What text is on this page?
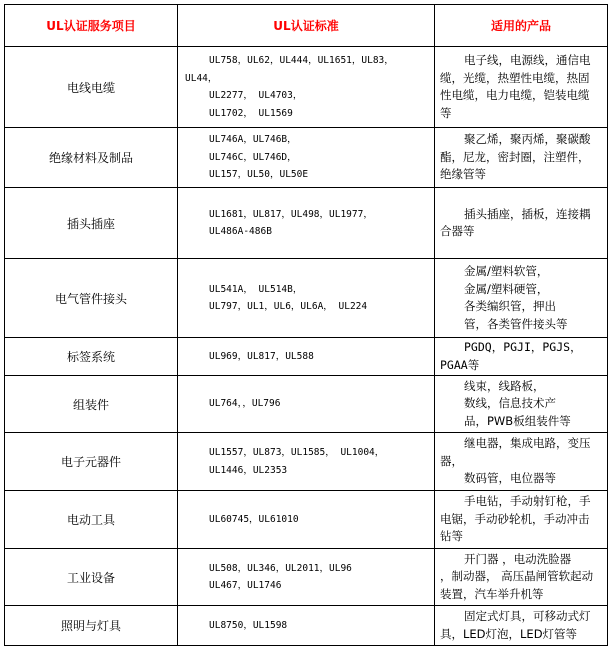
UL认证服务项目	UL认证标准	适用的产品
电线电缆	UL758，UL62，UL444，UL1651，UL83，
UL44，
UL2277， UL4703，
UL1702， UL1569	电子线，电源线，通信电
缆，光缆，热塑性电缆，热固
性电缆，电力电缆，铠装电缆
等

绝缘材料及制品	UL746A，UL746B，
UL746C，UL746D，
UL157，UL50，UL50E	聚乙烯，聚丙烯，聚碳酸
酯，尼龙，密封圈，注塑件，
绝缘管等

插头插座	UL1681，UL817，UL498，UL1977，
UL486A-486B	插头插座，插板，连接耦
合器等

电气管件接头	UL541A， UL514B，
UL797，UL1，UL6，UL6A， UL224	金属/塑料软管，
金属/塑料硬管，
各类编织管，押出
管，各类管件接头等

标签系统	UL969，UL817，UL588	PGDQ，PGJI，PGJS，
PGAA等

组装件	UL764，，UL796	线束，线路板，
数线，信息技术产
品，PWB板组装件等

电子元器件	UL1557，UL873，UL1585， UL1004，
UL1446，UL2353	继电器，集成电路，变压
器，
数码管，电位器等

电动工具	UL60745，UL61010	手电钻，手动射钉枪，手
电锯，手动砂轮机，手动冲击
钻等

工业设备	UL508，UL346，UL2011，UL96
UL467，UL1746	开门器 ，电动洗脸器
，制动器， 高压晶闸管软起动
装置，汽车举升机等

照明与灯具	UL8750，UL1598	固定式灯具，可移动式灯
具，LED灯泡，LED灯管等
